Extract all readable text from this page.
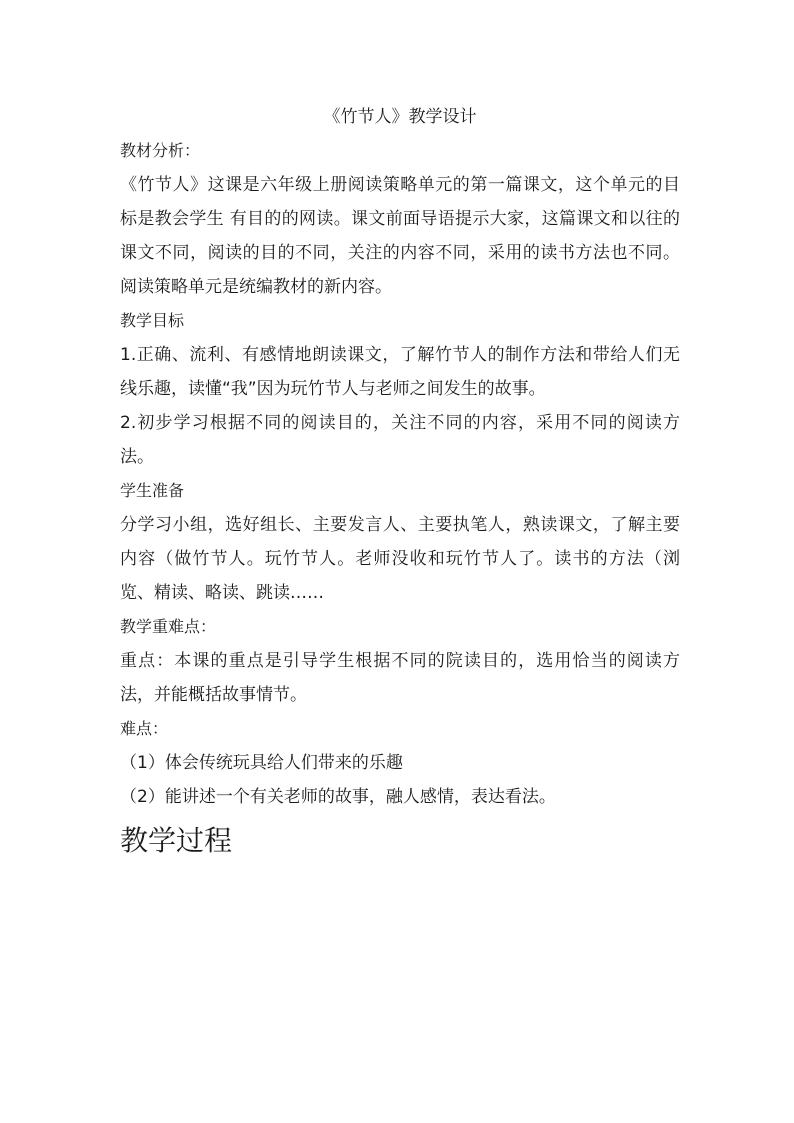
《竹节人》教学设计

教材分析：

《竹节人》这课是六年级上册阅读策略单元的第一篇课文，这个单元的目标是教会学生 有目的的网读。课文前面导语提示大家，这篇课文和以往的课文不同，阅读的目的不同，关注的内容不同，采用的读书方法也不同。阅读策略单元是统编教材的新内容。

教学目标

1.正确、流利、有感情地朗读课文，了解竹节人的制作方法和带给人们无线乐趣，读懂“我”因为玩竹节人与老师之间发生的故事。

2.初步学习根据不同的阅读目的，关注不同的内容，采用不同的阅读方法。

学生准备

分学习小组，选好组长、主要发言人、主要执笔人，熟读课文，了解主要内容（做竹节人。玩竹节人。老师没收和玩竹节人了。读书的方法（浏览、精读、略读、跳读……

教学重难点：

重点：本课的重点是引导学生根据不同的院读目的，选用恰当的阅读方法，并能概括故事情节。

难点：

（1）体会传统玩具给人们带来的乐趣

（2）能讲述一个有关老师的故事，融人感情，表达看法。

教学过程
